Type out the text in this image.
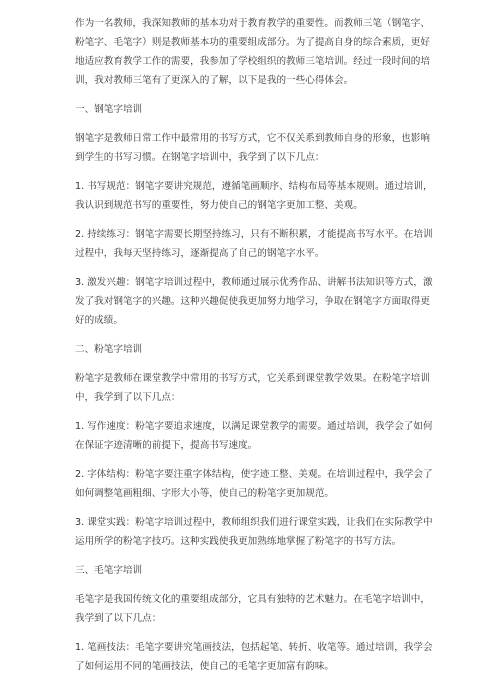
作为一名教师，我深知教师的基本功对于教育教学的重要性。而教师三笔（钢笔字、粉笔字、毛笔字）则是教师基本功的重要组成部分。为了提高自身的综合素质，更好地适应教育教学工作的需要，我参加了学校组织的教师三笔培训。经过一段时间的培训，我对教师三笔有了更深入的了解，以下是我的一些心得体会。

一、钢笔字培训

钢笔字是教师日常工作中最常用的书写方式，它不仅关系到教师自身的形象，也影响到学生的书写习惯。在钢笔字培训中，我学到了以下几点：

1. 书写规范：钢笔字要讲究规范，遵循笔画顺序、结构布局等基本规则。通过培训，我认识到规范书写的重要性，努力使自己的钢笔字更加工整、美观。

2. 持续练习：钢笔字需要长期坚持练习，只有不断积累，才能提高书写水平。在培训过程中，我每天坚持练习，逐渐提高了自己的钢笔字水平。

3. 激发兴趣：钢笔字培训过程中，教师通过展示优秀作品、讲解书法知识等方式，激发了我对钢笔字的兴趣。这种兴趣促使我更加努力地学习，争取在钢笔字方面取得更好的成绩。

二、粉笔字培训

粉笔字是教师在课堂教学中常用的书写方式，它关系到课堂教学效果。在粉笔字培训中，我学到了以下几点：

1. 写作速度：粉笔字要追求速度，以满足课堂教学的需要。通过培训，我学会了如何在保证字迹清晰的前提下，提高书写速度。

2. 字体结构：粉笔字要注重字体结构，使字迹工整、美观。在培训过程中，我学会了如何调整笔画粗细、字形大小等，使自己的粉笔字更加规范。

3. 课堂实践：粉笔字培训过程中，教师组织我们进行课堂实践，让我们在实际教学中运用所学的粉笔字技巧。这种实践使我更加熟练地掌握了粉笔字的书写方法。

三、毛笔字培训

毛笔字是我国传统文化的重要组成部分，它具有独特的艺术魅力。在毛笔字培训中，我学到了以下几点：

1. 笔画技法：毛笔字要讲究笔画技法，包括起笔、转折、收笔等。通过培训，我学会了如何运用不同的笔画技法，使自己的毛笔字更加富有韵味。
